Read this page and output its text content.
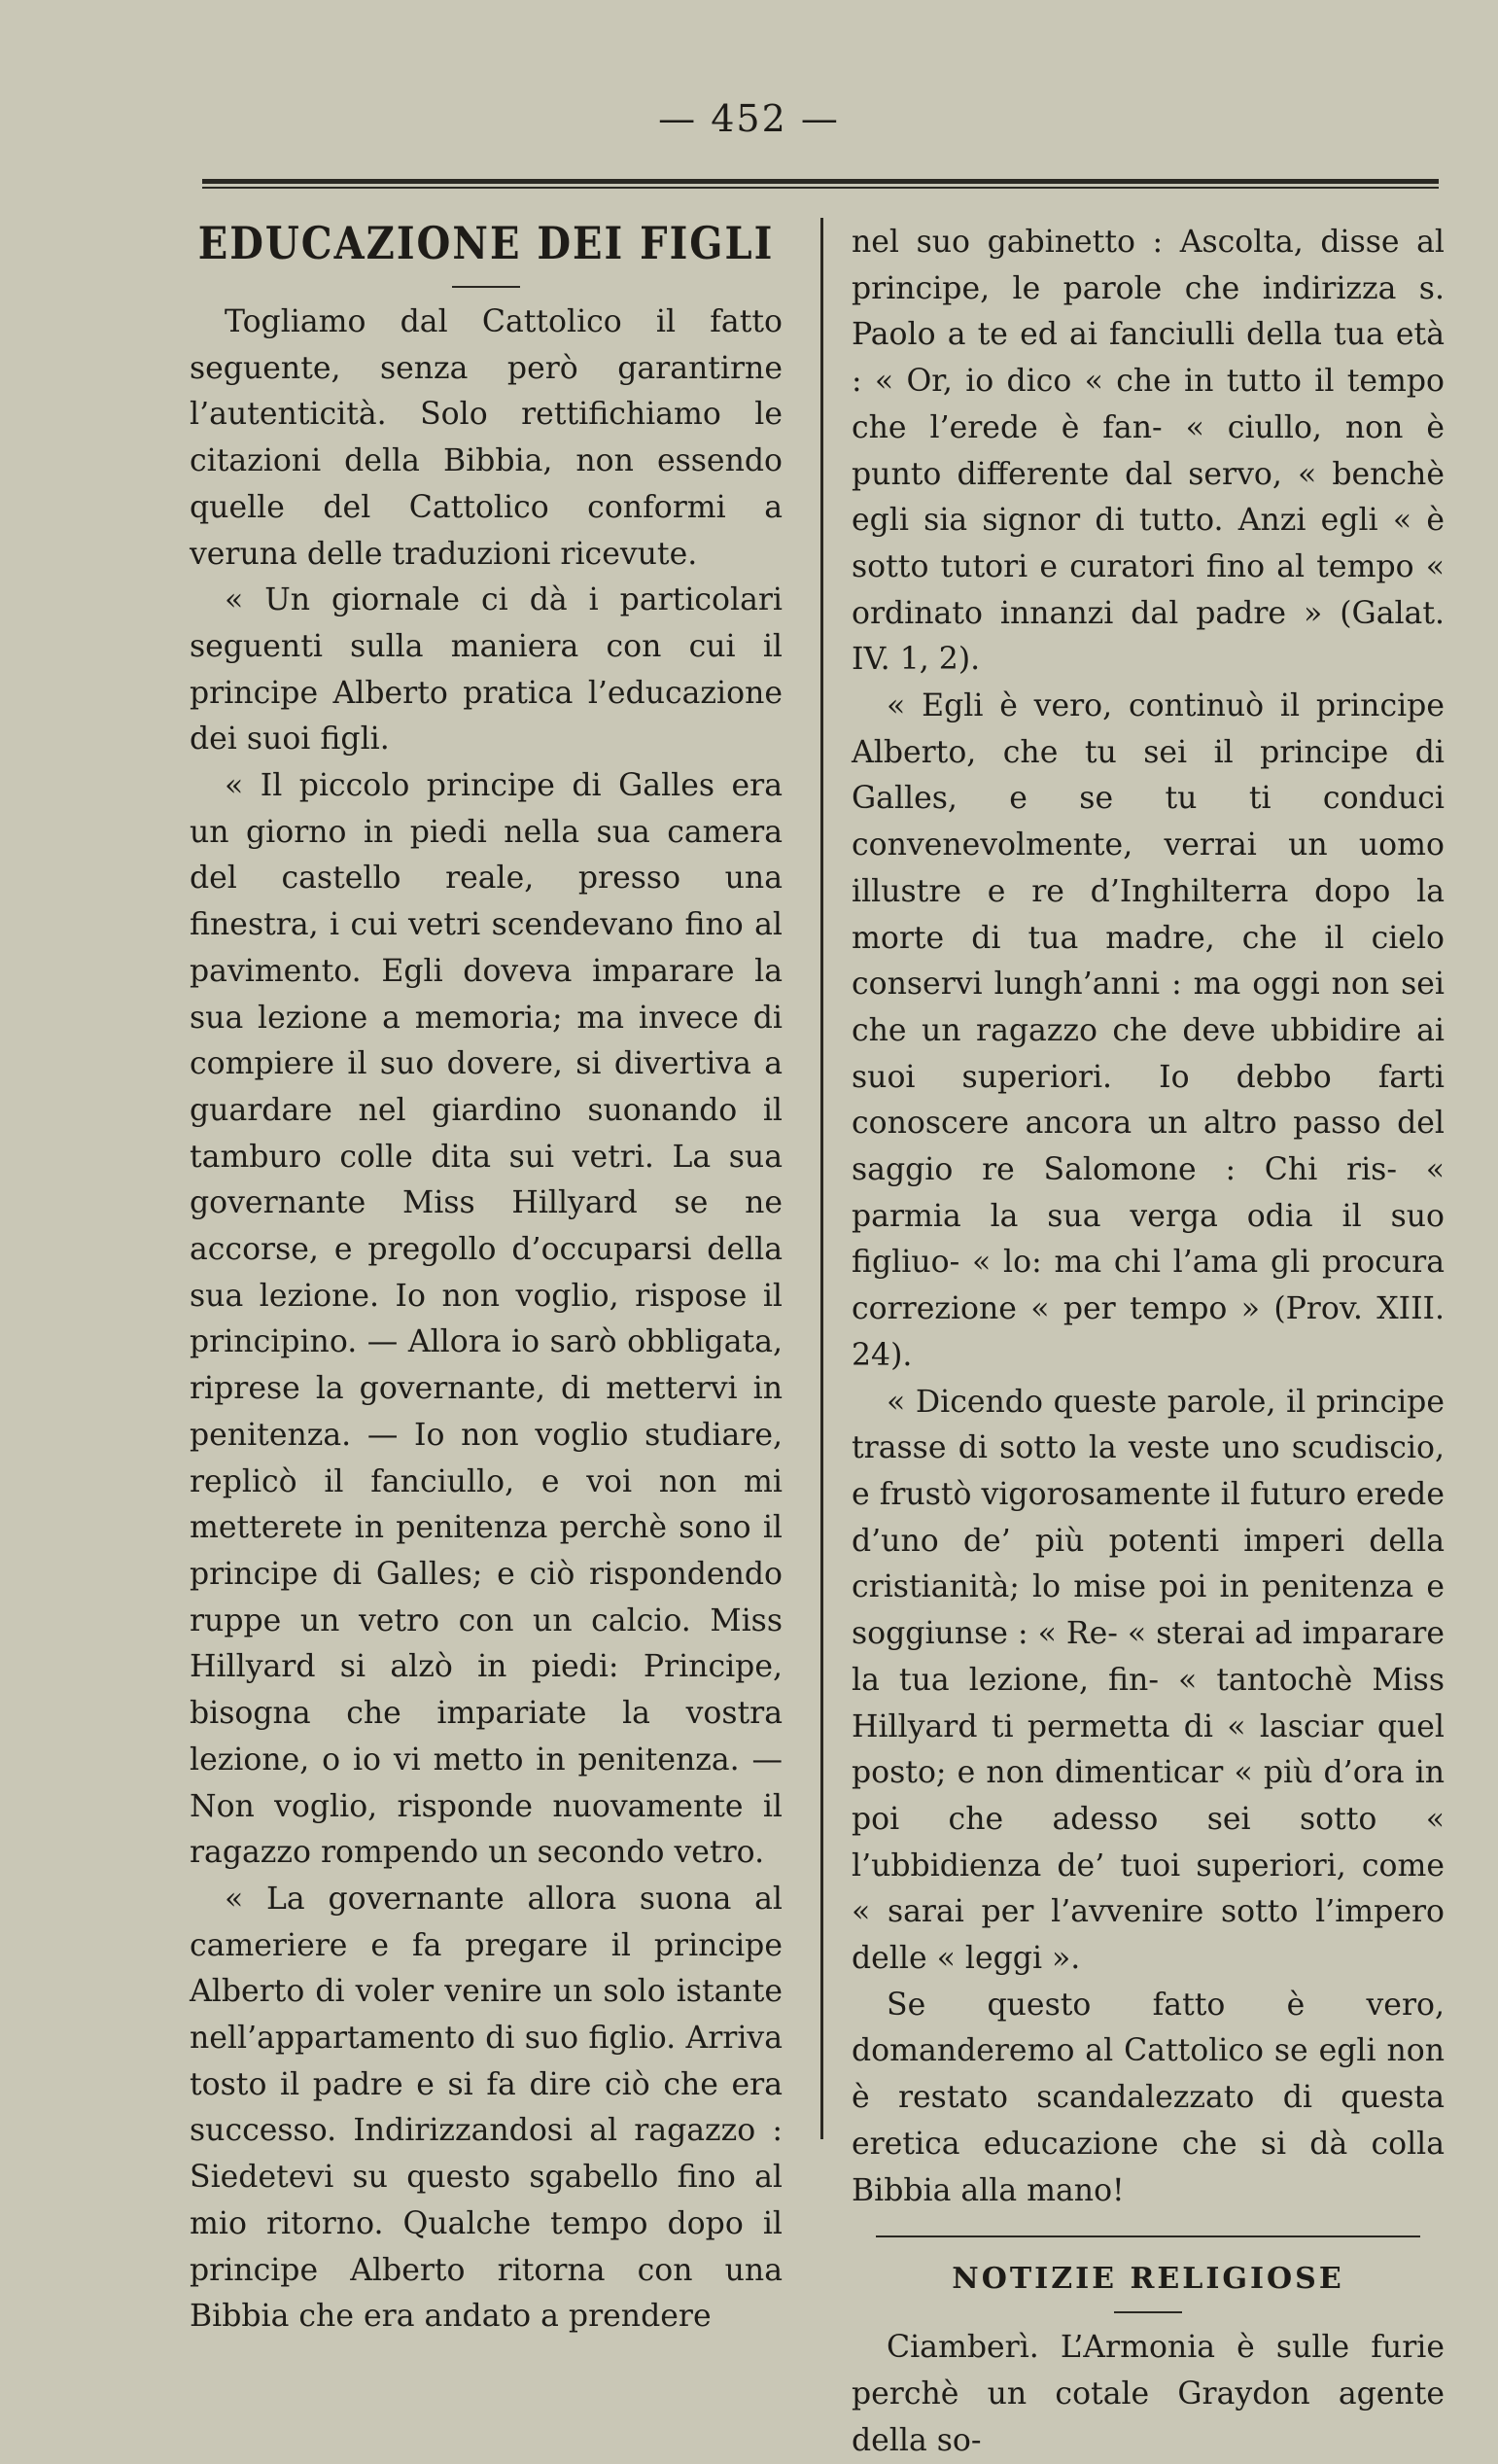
— 452 —
EDUCAZIONE DEI FIGLI

Togliamo dal Cattolico il fatto seguente, senza però garantirne l’autenticità. Solo rettifichiamo le citazioni della Bibbia, non essendo quelle del Cattolico conformi a veruna delle traduzioni ricevute.

« Un giornale ci dà i particolari seguenti sulla maniera con cui il principe Alberto pratica l’educazione dei suoi figli.

« Il piccolo principe di Galles era un giorno in piedi nella sua camera del castello reale, presso una finestra, i cui vetri scendevano fino al pavimento. Egli doveva imparare la sua lezione a memoria; ma invece di compiere il suo dovere, si divertiva a guardare nel giardino suonando il tamburo colle dita sui vetri. La sua governante Miss Hillyard se ne accorse, e pregollo d’occuparsi della sua lezione. Io non voglio, rispose il principino. — Allora io sarò obbligata, riprese la governante, di mettervi in penitenza. — Io non voglio studiare, replicò il fanciullo, e voi non mi metterete in penitenza perchè sono il principe di Galles; e ciò rispondendo ruppe un vetro con un calcio. Miss Hillyard si alzò in piedi: Principe, bisogna che impariate la vostra lezione, o io vi metto in penitenza. — Non voglio, risponde nuovamente il ragazzo rompendo un secondo vetro.

« La governante allora suona al cameriere e fa pregare il principe Alberto di voler venire un solo istante nell’appartamento di suo figlio. Arriva tosto il padre e si fa dire ciò che era successo. Indirizzandosi al ragazzo : Siedetevi su questo sgabello fino al mio ritorno. Qualche tempo dopo il principe Alberto ritorna con una Bibbia che era andato a prendere

nel suo gabinetto : Ascolta, disse al principe, le parole che indirizza s. Paolo a te ed ai fanciulli della tua età : « Or, io dico « che in tutto il tempo che l’erede è fan- « ciullo, non è punto differente dal servo, « benchè egli sia signor di tutto. Anzi egli « è sotto tutori e curatori fino al tempo « ordinato innanzi dal padre » (Galat. IV. 1, 2).

« Egli è vero, continuò il principe Alberto, che tu sei il principe di Galles, e se tu ti conduci convenevolmente, verrai un uomo illustre e re d’Inghilterra dopo la morte di tua madre, che il cielo conservi lungh’anni : ma oggi non sei che un ragazzo che deve ubbidire ai suoi superiori. Io debbo farti conoscere ancora un altro passo del saggio re Salomone : Chi ris- « parmia la sua verga odia il suo figliuo- « lo: ma chi l’ama gli procura correzione « per tempo » (Prov. XIII. 24).

« Dicendo queste parole, il principe trasse di sotto la veste uno scudiscio, e frustò vigorosamente il futuro erede d’uno de’ più potenti imperi della cristianità; lo mise poi in penitenza e soggiunse : « Re- « sterai ad imparare la tua lezione, fin- « tantochè Miss Hillyard ti permetta di « lasciar quel posto; e non dimenticar « più d’ora in poi che adesso sei sotto « l’ubbidienza de’ tuoi superiori, come « sarai per l’avvenire sotto l’impero delle « leggi ».

Se questo fatto è vero, domanderemo al Cattolico se egli non è restato scandalezzato di questa eretica educazione che si dà colla Bibbia alla mano!

NOTIZIE RELIGIOSE

Ciamberì. L’Armonia è sulle furie perchè un cotale Graydon agente della so-
